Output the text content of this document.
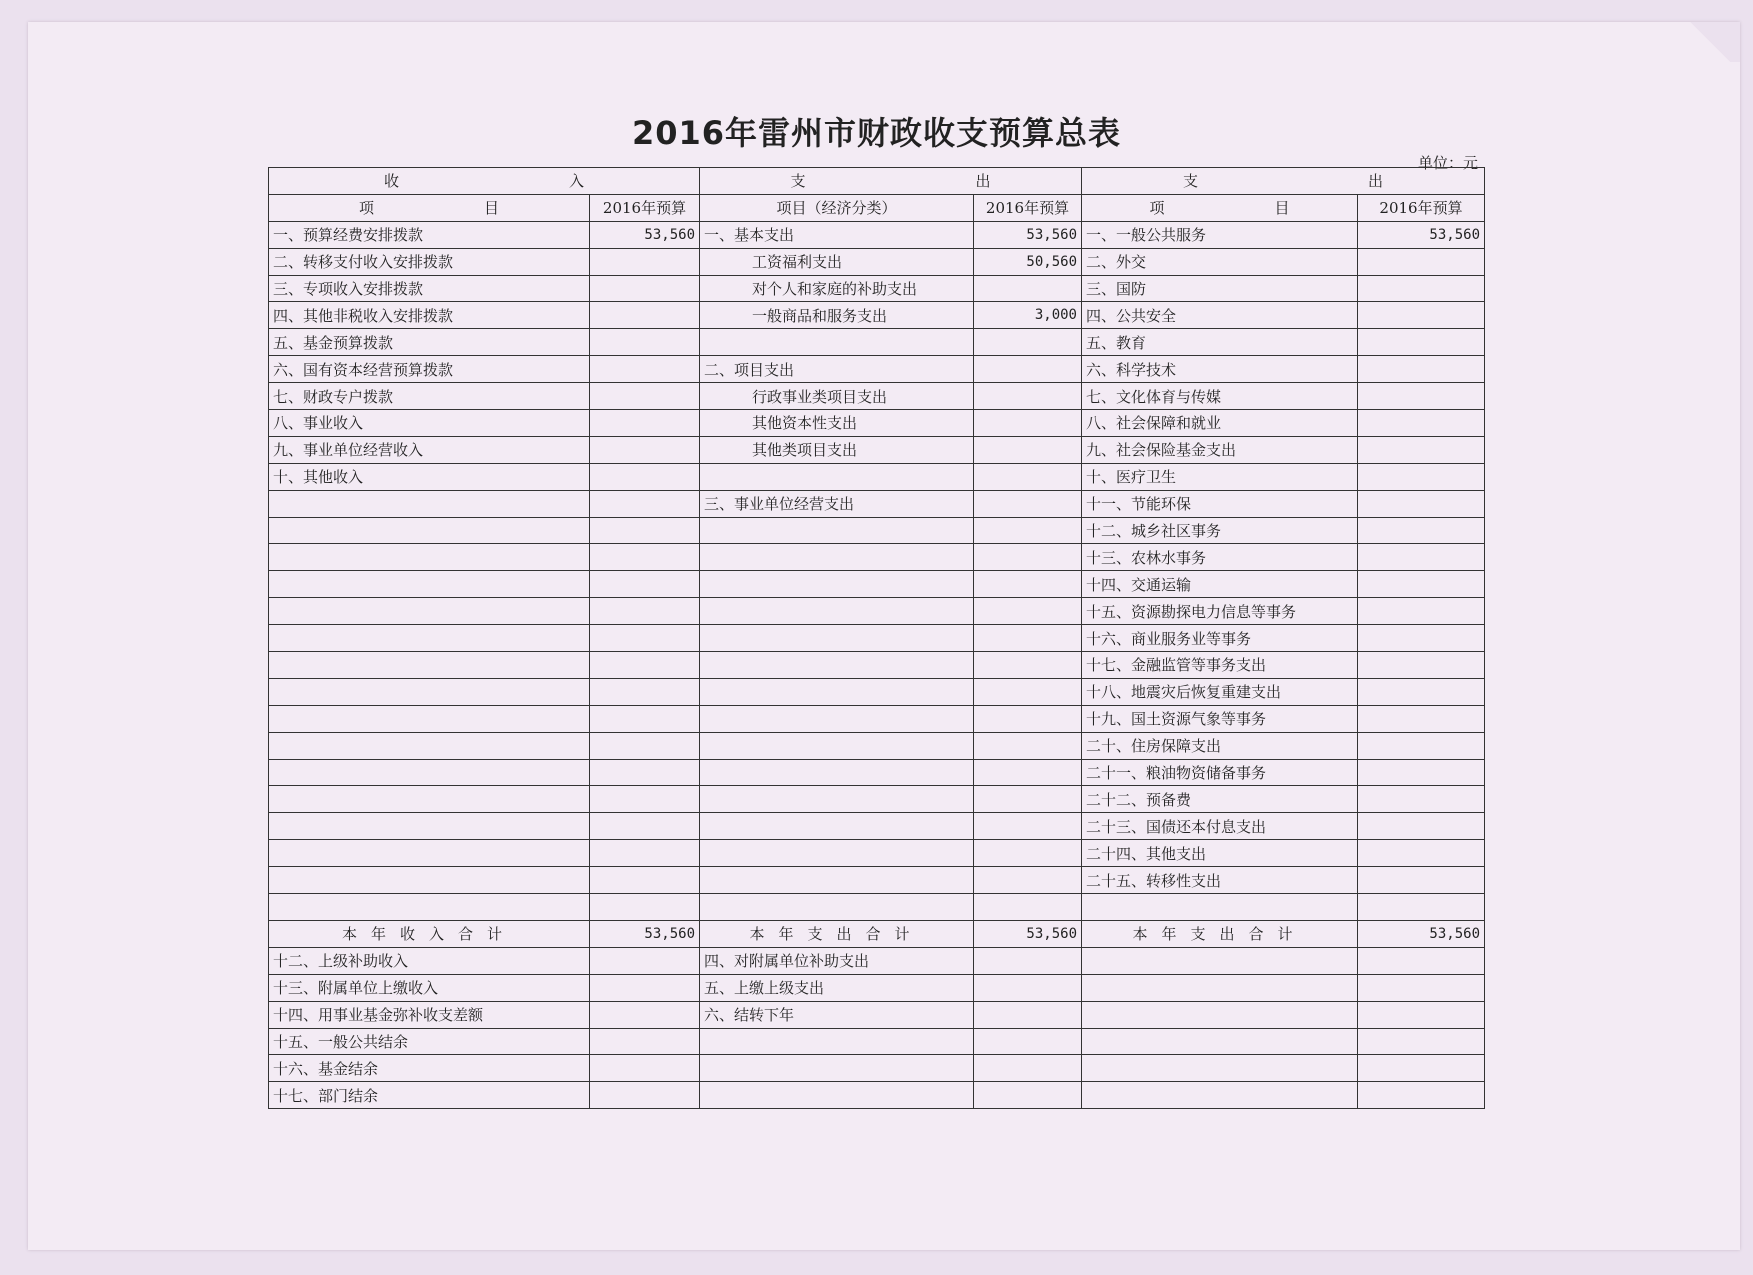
2016年雷州市财政收支预算总表
单位：元
收 入		支 出		支 出	
项 目	2016年预算	项目（经济分类）	2016年预算	项 目	2016年预算
一、预算经费安排拨款	53,560	一、基本支出	53,560	一、一般公共服务	53,560
二、转移支付收入安排拨款		工资福利支出	50,560	二、外交	
三、专项收入安排拨款		对个人和家庭的补助支出		三、国防	
四、其他非税收入安排拨款		一般商品和服务支出	3,000	四、公共安全	
五、基金预算拨款				五、教育	
六、国有资本经营预算拨款		二、项目支出		六、科学技术	
七、财政专户拨款		行政事业类项目支出		七、文化体育与传媒	
八、事业收入		其他资本性支出		八、社会保障和就业	
九、事业单位经营收入		其他类项目支出		九、社会保险基金支出	
十、其他收入				十、医疗卫生	
		三、事业单位经营支出		十一、节能环保	
				十二、城乡社区事务	
				十三、农林水事务	
				十四、交通运输	
				十五、资源勘探电力信息等事务	
				十六、商业服务业等事务	
				十七、金融监管等事务支出	
				十八、地震灾后恢复重建支出	
				十九、国土资源气象等事务	
				二十、住房保障支出	
				二十一、粮油物资储备事务	
				二十二、预备费	
				二十三、国债还本付息支出	
				二十四、其他支出	
				二十五、转移性支出	

本年收入合计	53,560	本年支出合计	53,560	本年支出合计	53,560
十二、上级补助收入		四、对附属单位补助支出			
十三、附属单位上缴收入		五、上缴上级支出			
十四、用事业基金弥补收支差额		六、结转下年			
十五、一般公共结余					
十六、基金结余					
十七、部门结余					
